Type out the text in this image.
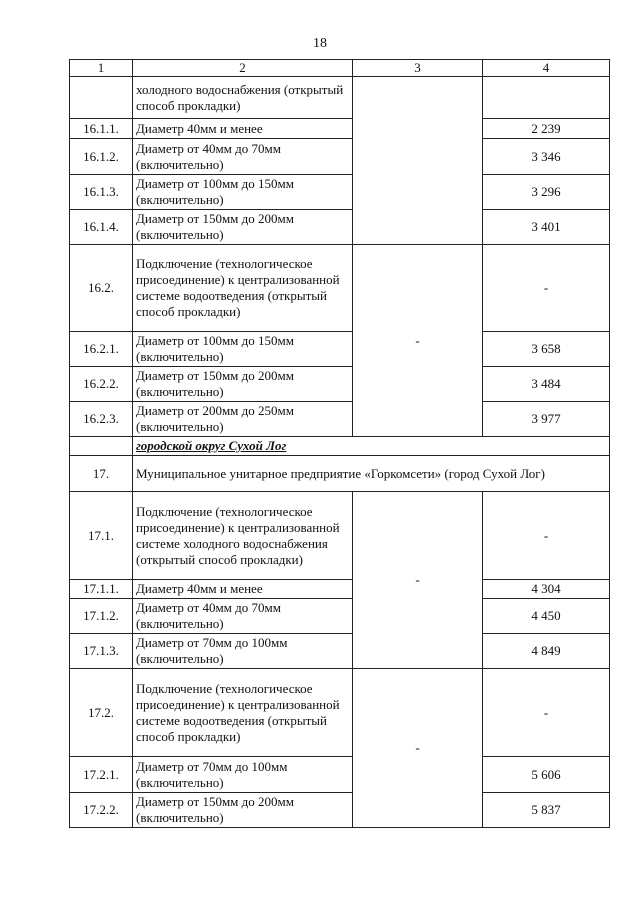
18
1	2	3	4
	холодного водоснабжения (открытый способ прокладки)		
16.1.1.	Диаметр 40мм и менее		2 239
16.1.2.	Диаметр от 40мм до 70мм (включительно)		3 346
16.1.3.	Диаметр от 100мм до 150мм (включительно)		3 296
16.1.4.	Диаметр от 150мм до 200мм (включительно)		3 401
16.2.	Подключение (технологическое присоединение) к централизованной системе водоотведения (открытый способ прокладки)	-	-
16.2.1.	Диаметр от 100мм до 150мм (включительно)		3 658
16.2.2.	Диаметр от 150мм до 200мм (включительно)		3 484
16.2.3.	Диаметр от 200мм до 250мм (включительно)		3 977
	городской округ Сухой Лог		
17.	Муниципальное унитарное предприятие «Горкомсети» (город Сухой Лог)		

17.1.	Подключение (технологическое присоединение) к централизованной системе холодного водоснабжения (открытый способ прокладки)	-	-
17.1.1.	Диаметр 40мм и менее		4 304
17.1.2.	Диаметр от 40мм до 70мм (включительно)		4 450
17.1.3.	Диаметр от 70мм до 100мм (включительно)		4 849
17.2.	Подключение (технологическое присоединение) к централизованной системе водоотведения (открытый способ прокладки)	-	-
17.2.1.	Диаметр от 70мм до 100мм (включительно)		5 606
17.2.2.	Диаметр от 150мм до 200мм (включительно)		5 837
